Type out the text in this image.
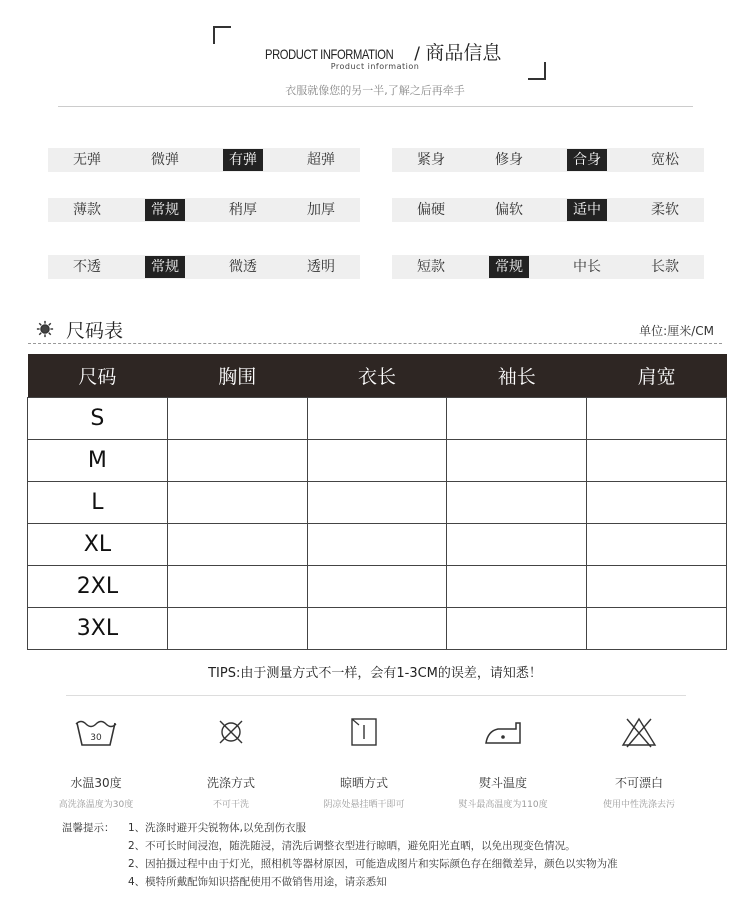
PRODUCT INFORMATION / 商品信息
Product information
衣服就像您的另一半,了解之后再牵手
无弹	微弹	有弹	超弹	紧身	修身	合身	宽松
薄款	常规	稍厚	加厚	偏硬	偏软	适中	柔软
不透	常规	微透	透明	短款	常规	中长	长款
尺码表	单位:厘米/CM
尺码	胸围	衣长	袖长	肩宽
S				
M				
L				
XL				
2XL				
3XL				
TIPS:由于测量方式不一样，会有1-3CM的误差，请知悉！
30
水温30度
高洗涤温度为30度
洗涤方式
不可干洗
晾晒方式
阴凉处悬挂晒干即可
熨斗温度
熨斗最高温度为110度
不可漂白
使用中性洗涤去污
温馨提示： 1、洗涤时避开尖锐物体,以免刮伤衣服
2、不可长时间浸泡，随洗随浸，清洗后调整衣型进行晾晒，避免阳光直晒，以免出现变色情况。
2、因拍摄过程中由于灯光，照相机等器材原因，可能造成图片和实际颜色存在细微差异，颜色以实物为准
4、模特所戴配饰知识搭配使用不做销售用途，请亲悉知
